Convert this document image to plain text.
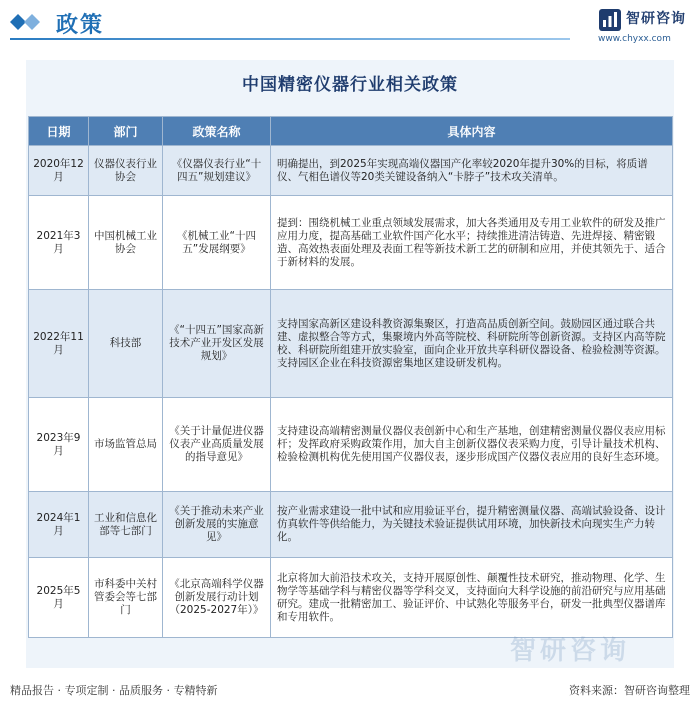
政策	智研咨询
www.chyxx.com
中国精密仪器行业相关政策
日期	部门	政策名称	具体内容
2020年12月	仪器仪表行业协会	《仪器仪表行业“十四五”规划建议》	明确提出，到2025年实现高端仪器国产化率较2020年提升30%的目标，将质谱仪、气相色谱仪等20类关键设备纳入“卡脖子”技术攻关清单。
2021年3月	中国机械工业协会	《机械工业“十四五”发展纲要》	提到：围绕机械工业重点领域发展需求，加大各类通用及专用工业软件的研发及推广应用力度，提高基础工业软件国产化水平；持续推进清洁铸造、先进焊接、精密锻造、高效热表面处理及表面工程等新技术新工艺的研制和应用，并使其领先于、适合于新材料的发展。
2022年11月	科技部	《“十四五”国家高新技术产业开发区发展规划》	支持国家高新区建设科教资源集聚区，打造高品质创新空间。鼓励园区通过联合共建、虚拟整合等方式，集聚境内外高等院校、科研院所等创新资源。支持区内高等院校、科研院所组建开放实验室，面向企业开放共享科研仪器设备、检验检测等资源。支持园区企业在科技资源密集地区建设研发机构。
2023年9月	市场监管总局	《关于计量促进仪器仪表产业高质量发展的指导意见》	支持建设高端精密测量仪器仪表创新中心和生产基地，创建精密测量仪器仪表应用标杆；发挥政府采购政策作用，加大自主创新仪器仪表采购力度，引导计量技术机构、检验检测机构优先使用国产仪器仪表，逐步形成国产仪器仪表应用的良好生态环境。
2024年1月	工业和信息化部等七部门	《关于推动未来产业创新发展的实施意见》	按产业需求建设一批中试和应用验证平台，提升精密测量仪器、高端试验设备、设计仿真软件等供给能力，为关键技术验证提供试用环境，加快新技术向现实生产力转化。
2025年5月	市科委中关村管委会等七部门	《北京高端科学仪器创新发展行动计划（2025-2027年）》	北京将加大前沿技术攻关，支持开展原创性、颠覆性技术研究，推动物理、化学、生物学等基础学科与精密仪器等学科交叉，支持面向大科学设施的前沿研究与应用基础研究。建成一批精密加工、验证评价、中试熟化等服务平台，研发一批典型仪器谱库和专用软件。
智研咨询
精品报告 · 专项定制 · 品质服务 · 专精特新	资料来源：智研咨询整理
